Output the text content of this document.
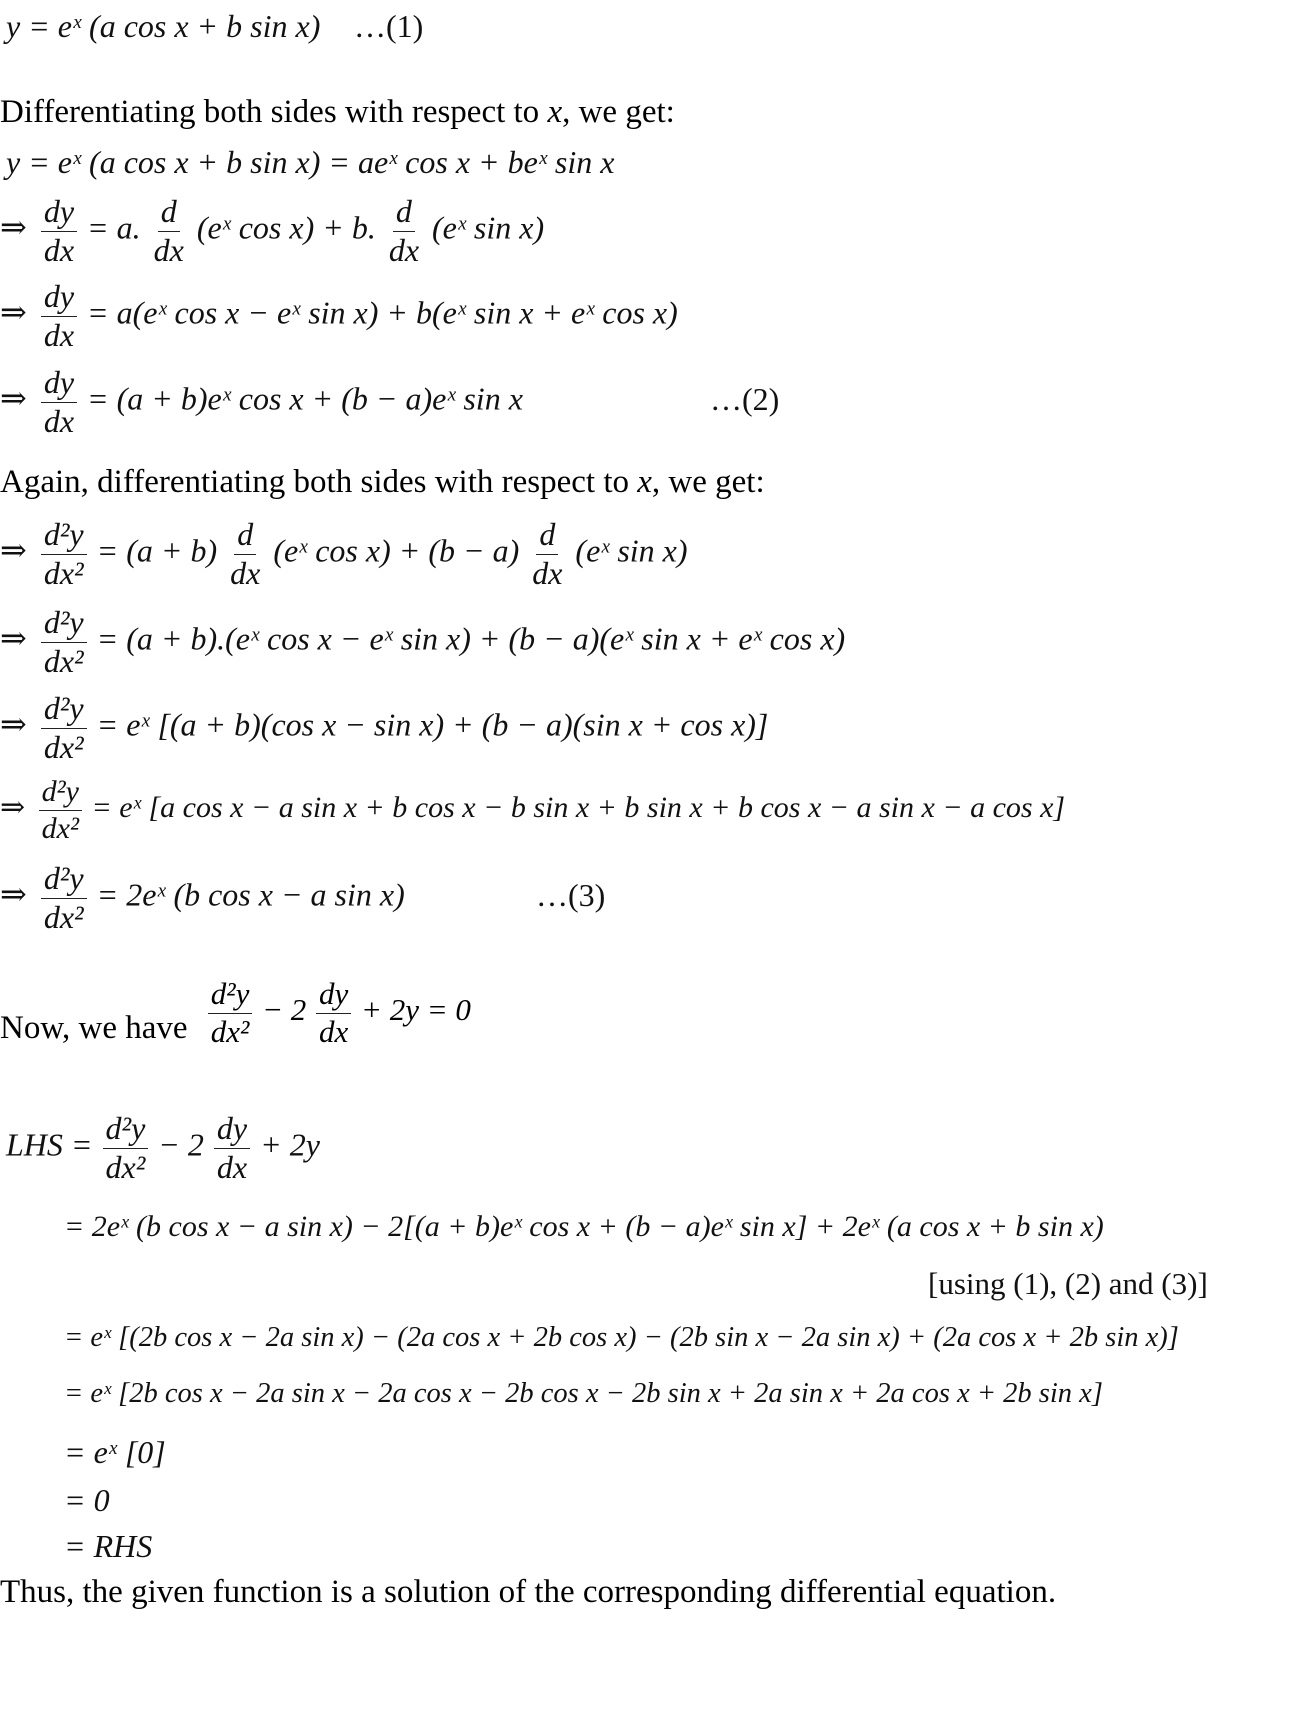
y = eˣ (a cos x + b sin x) …(1)
Differentiating both sides with respect to x, we get:
y = eˣ (a cos x + b sin x) = aeˣ cos x + beˣ sin x
⇒ $\frac{dy}{dx} = a$. $\frac{d}{dx}$ (eˣ cos x) + b. $\frac{d}{dx}$ (eˣ sin x)
⇒ $\frac{dy}{dx}$ = a(eˣ cos x − eˣ sin x) + b(eˣ sin x + eˣ cos x)
⇒ $\frac{dy}{dx} = (a$ + b)eˣ cos x + (b − a)eˣ sin x	…(2)
Again, differentiating both sides with respect to x, we get:
⇒ $\frac{\text{d²y}}{\text{dx²}} = (a + b) \frac{d}{dx}$ (eˣ $\cos x) + (b - a) \frac{d}{dx}$ (eˣ sin x)
⇒ $\frac{\text{d²y}}{\text{dx²}} = (a$ + b).(eˣ cos x − eˣ sin x) + (b − a)(eˣ sin x + eˣ cos x)
⇒ $\frac{\text{d²y}}{\text{dx²}}$ = eˣ [(a + b)(cos x − sin x) + (b − a)(sin x + cos x)]
⇒ $\frac{\text{d²y}}{\text{dx²}}$ = eˣ [a cos x − a sin x + b cos x − b sin x + b sin x + b cos x − a sin x − a cos x]
⇒ $\frac{\text{d²y}}{\text{dx²}}$ = 2eˣ (b cos x − a sin x)	…(3)
Now, we have $\frac{\text{d²y}}{\text{dx²}} - 2 \frac{dy}{dx} + 2y = 0$
LHS = $\frac{\text{d²y}}{\text{dx²}} - 2 \frac{dy}{dx} + 2y$
= 2eˣ (b cos x − a sin x) − 2[(a + b)eˣ cos x + (b − a)eˣ sin x] + 2eˣ (a cos x + b sin x)
[using (1), (2) and (3)]
= eˣ [(2b cos x − 2a sin x) − (2a cos x + 2b cos x) − (2b sin x − 2a sin x) + (2a cos x + 2b sin x)]
= eˣ [2b cos x − 2a sin x − 2a cos x − 2b cos x − 2b sin x + 2a sin x + 2a cos x + 2b sin x]
= eˣ [0]
= 0
= RHS
Thus, the given function is a solution of the corresponding differential equation.
